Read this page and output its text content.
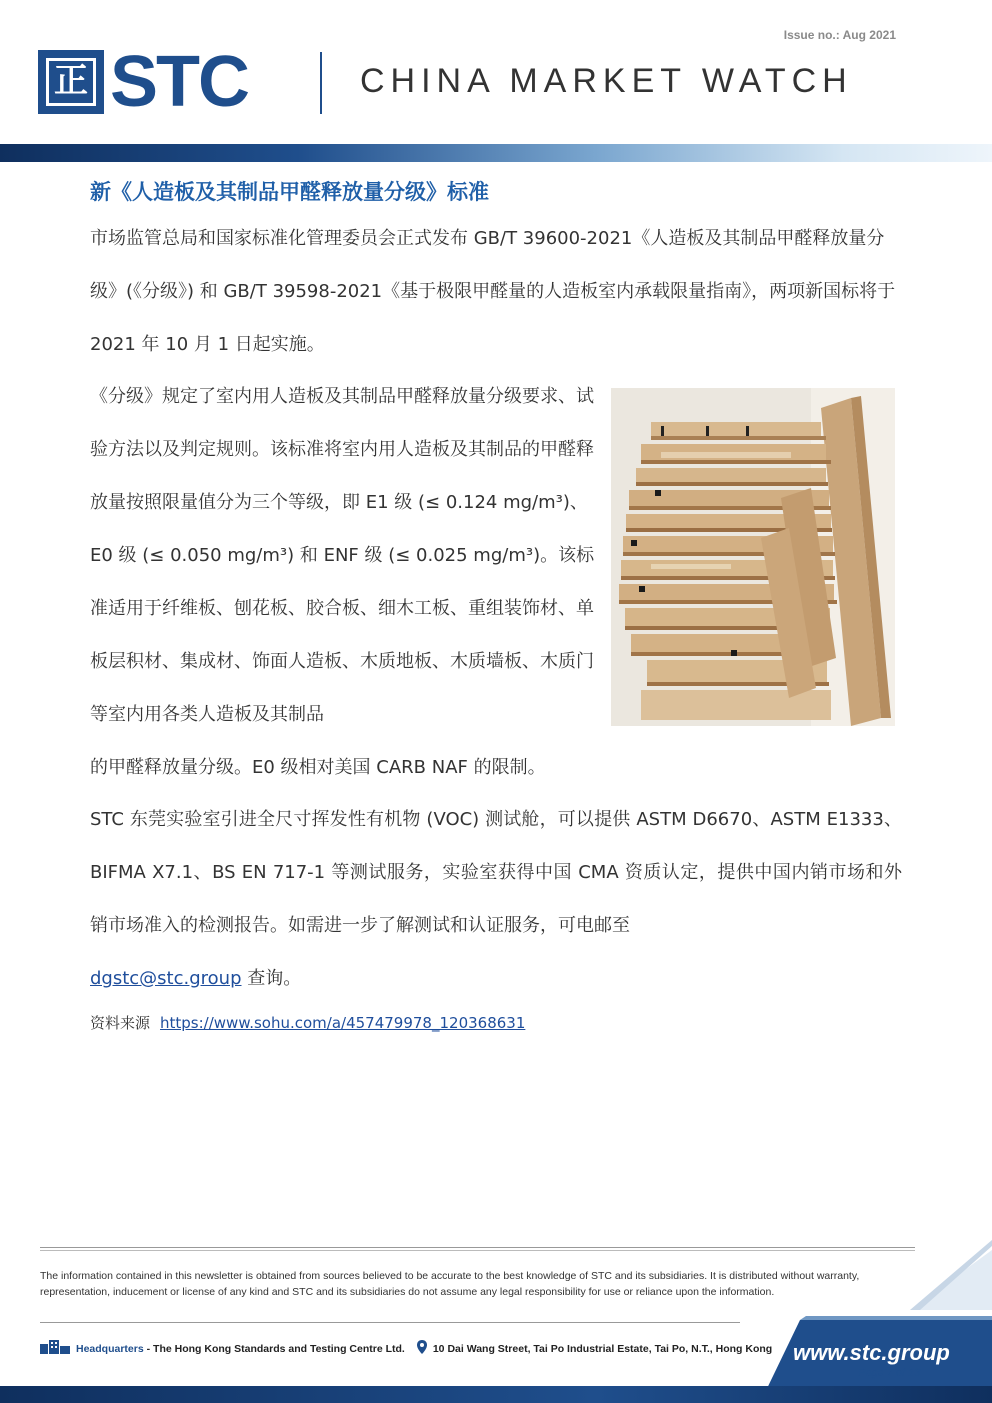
Issue no.: Aug 2021
正 STC	CHINA MARKET WATCH
新《人造板及其制品甲醛释放量分级》标准
市场监管总局和国家标准化管理委员会正式发布 GB/T 39600-2021《人造板及其制品甲醛释放量分级》(《分级》) 和 GB/T 39598-2021《基于极限甲醛量的人造板室内承载限量指南》，两项新国标将于 2021 年 10 月 1 日起实施。
《分级》规定了室内用人造板及其制品甲醛释放量分级要求、试验方法以及判定规则。该标准将室内用人造板及其制品的甲醛释放量按照限量值分为三个等级，即 E1 级 (≤ 0.124 mg/m³)、E0 级 (≤ 0.050 mg/m³) 和 ENF 级 (≤ 0.025 mg/m³)。该标准适用于纤维板、刨花板、胶合板、细木工板、重组装饰材、单板层积材、集成材、饰面人造板、木质地板、木质墙板、木质门等室内用各类人造板及其制品
的甲醛释放量分级。E0 级相对美国 CARB NAF 的限制。
STC 东莞实验室引进全尺寸挥发性有机物 (VOC) 测试舱，可以提供 ASTM D6670、ASTM E1333、BIFMA X7.1、BS EN 717-1 等测试服务，实验室获得中国 CMA 资质认定，提供中国内销市场和外销市场准入的检测报告。如需进一步了解测试和认证服务，可电邮至
dgstc@stc.group 查询。
资料来源 https://www.sohu.com/a/457479978_120368631
The information contained in this newsletter is obtained from sources believed to be accurate to the best knowledge of STC and its subsidiaries. It is distributed without warranty, representation, inducement or license of any kind and STC and its subsidiaries do not assume any legal responsibility for use or reliance upon the information.
Headquarters - The Hong Kong Standards and Testing Centre Ltd.	10 Dai Wang Street, Tai Po Industrial Estate, Tai Po, N.T., Hong Kong www.stc.group
Page 7 of 13
